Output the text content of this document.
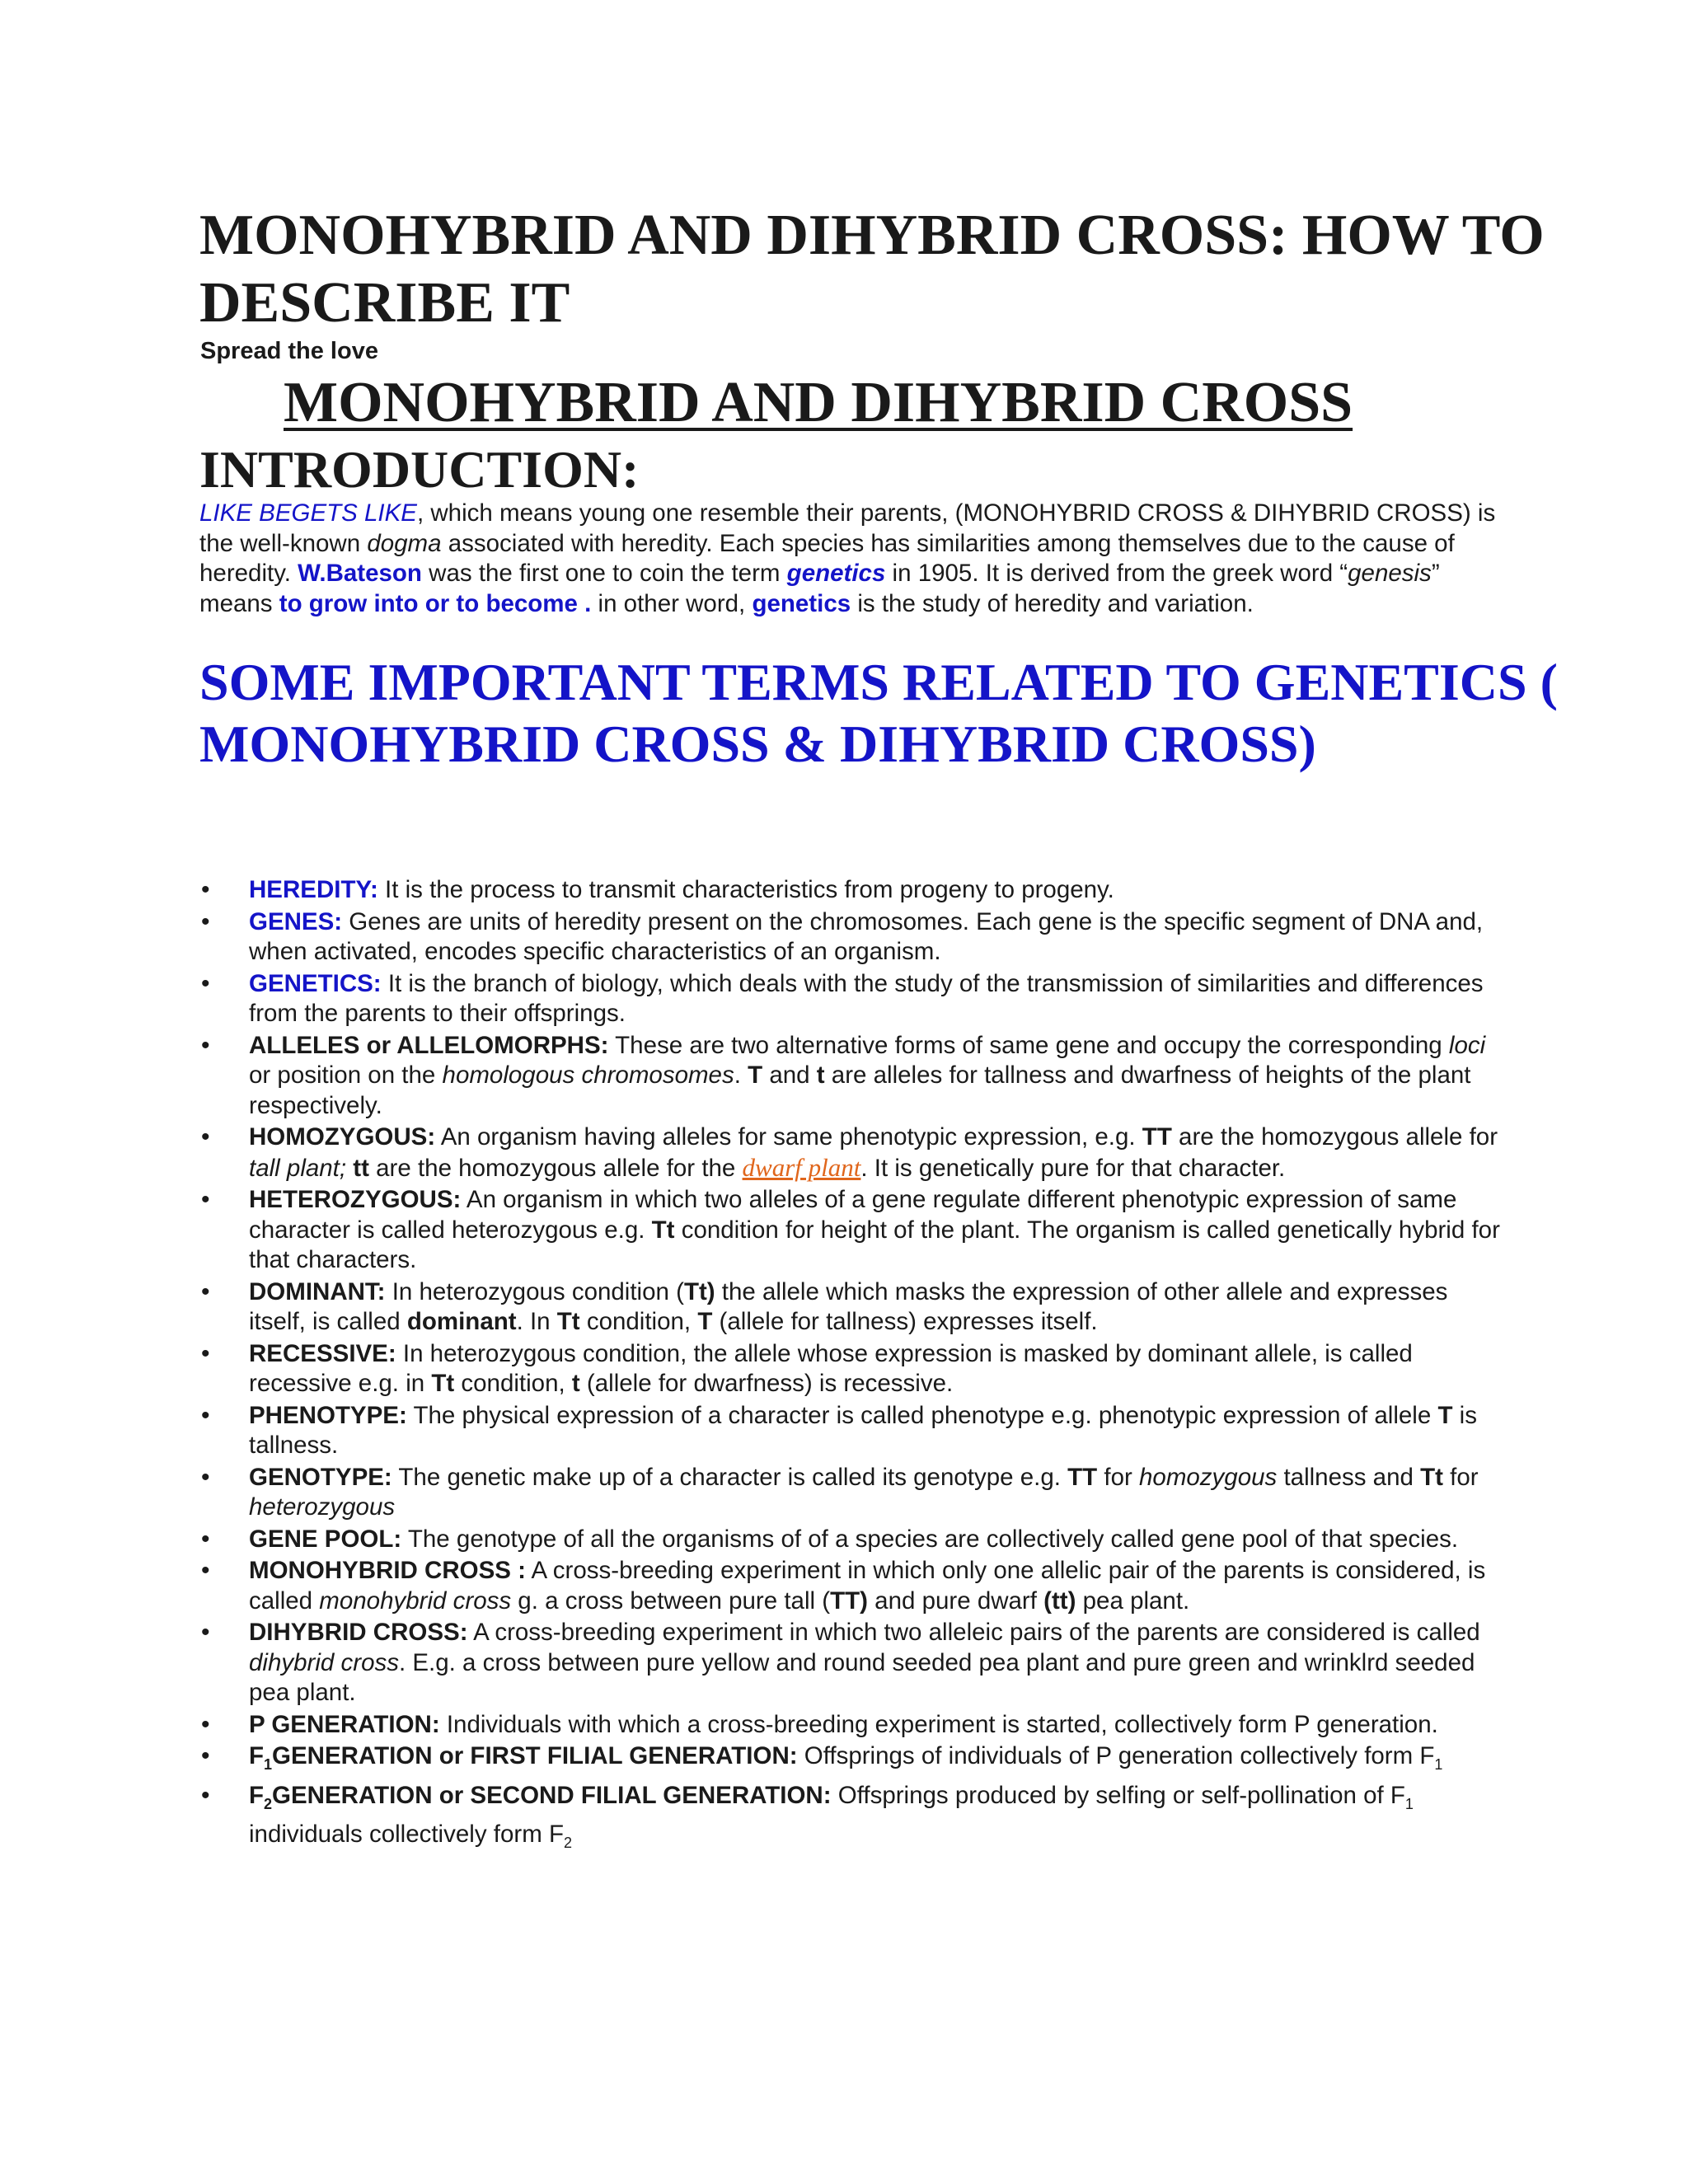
MONOHYBRID AND DIHYBRID CROSS: HOW TO DESCRIBE IT
Spread the love
MONOHYBRID AND DIHYBRID CROSS
INTRODUCTION:

LIKE BEGETS LIKE, which means young one resemble their parents, (MONOHYBRID CROSS & DIHYBRID CROSS) is the well-known dogma associated with heredity. Each species has similarities among themselves due to the cause of heredity. W.Bateson was the first one to coin the term genetics in 1905. It is derived from the greek word “genesis” means to grow into or to become . in other word, genetics is the study of heredity and variation.

SOME IMPORTANT TERMS RELATED TO GENETICS ( MONOHYBRID CROSS & DIHYBRID CROSS)
• HEREDITY: It is the process to transmit characteristics from progeny to progeny.
• GENES: Genes are units of heredity present on the chromosomes. Each gene is the specific segment of DNA and, when activated, encodes specific characteristics of an organism.
• GENETICS: It is the branch of biology, which deals with the study of the transmission of similarities and differences from the parents to their offsprings.
• ALLELES or ALLELOMORPHS: These are two alternative forms of same gene and occupy the corresponding loci or position on the homologous chromosomes. T and t are alleles for tallness and dwarfness of heights of the plant respectively.
• HOMOZYGOUS: An organism having alleles for same phenotypic expression, e.g. TT are the homozygous allele for tall plant; tt are the homozygous allele for the dwarf plant. It is genetically pure for that character.
• HETEROZYGOUS: An organism in which two alleles of a gene regulate different phenotypic expression of same character is called heterozygous e.g. Tt condition for height of the plant. The organism is called genetically hybrid for that characters.
• DOMINANT: In heterozygous condition (Tt) the allele which masks the expression of other allele and expresses itself, is called dominant. In Tt condition, T (allele for tallness) expresses itself.
• RECESSIVE: In heterozygous condition, the allele whose expression is masked by dominant allele, is called recessive e.g. in Tt condition, t (allele for dwarfness) is recessive.
• PHENOTYPE: The physical expression of a character is called phenotype e.g. phenotypic expression of allele T is tallness.
• GENOTYPE: The genetic make up of a character is called its genotype e.g. TT for homozygous tallness and Tt for heterozygous
• GENE POOL: The genotype of all the organisms of of a species are collectively called gene pool of that species.
• MONOHYBRID CROSS : A cross-breeding experiment in which only one allelic pair of the parents is considered, is called monohybrid cross g. a cross between pure tall (TT) and pure dwarf (tt) pea plant.
• DIHYBRID CROSS: A cross-breeding experiment in which two alleleic pairs of the parents are considered is called dihybrid cross. E.g. a cross between pure yellow and round seeded pea plant and pure green and wrinklrd seeded pea plant.
• P GENERATION: Individuals with which a cross-breeding experiment is started, collectively form P generation.
• $F_1GENERATION$ or FIRST FILIAL GENERATION: Offsprings of individuals of P generation collectively form $F_1$
• $F_2GENERATION$ or SECOND FILIAL GENERATION: Offsprings produced by selfing or self-pollination of $F_1$ individuals collectively form $F_2$
